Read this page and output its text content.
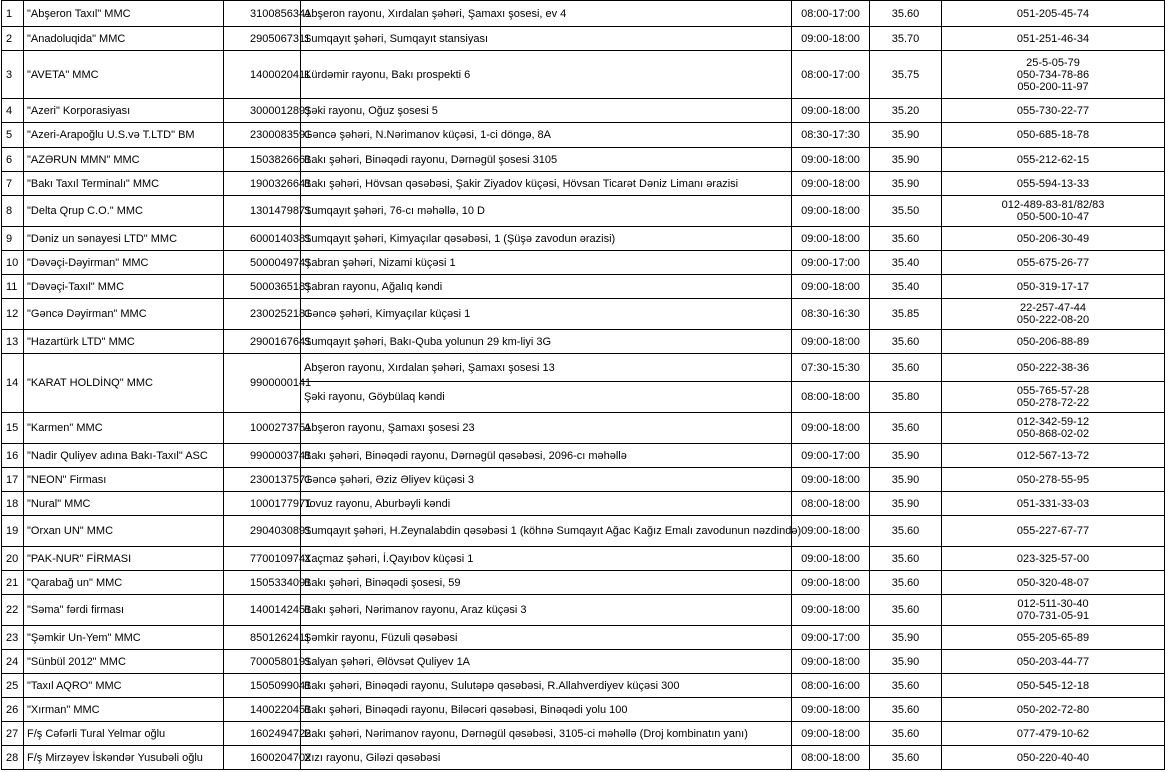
1	"Abşeron Taxıl" MMC	3100856341	Abşeron rayonu, Xırdalan şəhəri, Şamaxı şosesi, ev 4	08:00-17:00	35.60	051-205-45-74

2	"Anadoluqida" MMC	2905067311	Sumqayıt şəhəri, Sumqayıt stansiyası	09:00-18:00	35.70	051-251-46-34

3	"AVETA" MMC	1400020411	Kürdəmir rayonu, Bakı prospekti 6	08:00-17:00	35.75	25-5-05-79
050-734-78-86
050-200-11-97

4	"Azeri" Korporasiyası	3000012891	Şəki rayonu, Oğuz şosesi 5	09:00-18:00	35.20	055-730-22-77

5	"Azeri-Arapoğlu U.S.və T.LTD" BM	2300083591	Gəncə şəhəri, N.Nərimanov küçəsi, 1-ci döngə, 8A	08:30-17:30	35.90	050-685-18-78

6	"AZƏRUN MMN" MMC	1503826661	Bakı şəhəri, Binəqədi rayonu, Dərnəgül şosesi 3105	09:00-18:00	35.90	055-212-62-15

7	"Bakı Taxıl Terminalı" MMC	1900326641	Bakı şəhəri, Hövsan qəsəbəsi, Şakir Ziyadov küçəsi, Hövsan Ticarət Dəniz Limanı ərazisi	09:00-18:00	35.90	055-594-13-33

8	"Delta Qrup C.O." MMC	1301479871	Sumqayıt şəhəri, 76-cı məhəllə, 10 D	09:00-18:00	35.50	012-489-83-81/82/83
050-500-10-47

9	"Dəniz un sənayesi LTD" MMC	6000140381	Sumqayıt şəhəri, Kimyaçılar qəsəbəsi, 1 (Şüşə zavodun ərazisi)	09:00-18:00	35.60	050-206-30-49

10	"Dəvəçi-Dəyirman" MMC	5000049741	Şabran şəhəri, Nizami küçəsi 1	09:00-17:00	35.40	055-675-26-77

11	"Dəvəçi-Taxıl" MMC	5000365181	Şabran rayonu, Ağalıq kəndi	09:00-18:00	35.40	050-319-17-17

12	"Gəncə Dəyirman" MMC	2300252181	Gəncə şəhəri, Kimyaçılar küçəsi 1	08:30-16:30	35.85	22-257-47-44
050-222-08-20

13	"Hazartürk LTD" MMC	2900167641	Sumqayıt şəhəri, Bakı-Quba yolunun 29 km-liyi 3G	09:00-18:00	35.60	050-206-88-89

14	"KARAT HOLDİNQ" MMC	9900000141	Abşeron rayonu, Xırdalan şəhəri, Şamaxı şosesi 13	07:30-15:30	35.60	050-222-38-36

			Şəki rayonu, Göybülaq kəndi	08:00-18:00	35.80	055-765-57-28
050-278-72-22

15	"Karmen" MMC	1000273751	Abşeron rayonu, Şamaxı şosesi 23	09:00-18:00	35.60	012-342-59-12
050-868-02-02

16	"Nadir Quliyev adına Bakı-Taxıl" ASC	9900003741	Bakı şəhəri, Binəqədi rayonu, Dərnəgül qəsəbəsi, 2096-cı məhəllə	09:00-17:00	35.90	012-567-13-72

17	"NEON" Firması	2300137571	Gəncə şəhəri, Əziz Əliyev küçəsi 3	09:00-18:00	35.90	050-278-55-95

18	"Nural" MMC	1000177971	Tovuz rayonu, Aburbəyli kəndi	08:00-18:00	35.90	051-331-33-03

19	"Orxan UN" MMC	2904030891	Sumqayıt şəhəri, H.Zeynalabdin qəsəbəsi 1 (köhnə Sumqayıt Ağac Kağız Emalı zavodunun nəzdində)	09:00-18:00	35.60	055-227-67-77

20	"PAK-NUR" FİRMASI	7700109741	Xaçmaz şəhəri, İ.Qayıbov küçəsi 1	09:00-18:00	35.60	023-325-57-00

21	"Qarabağ un" MMC	1505334091	Bakı şəhəri, Binəqədi şosesi, 59	09:00-18:00	35.60	050-320-48-07

22	"Səma" fərdi firması	1400142451	Bakı şəhəri, Nərimanov rayonu, Araz küçəsi 3	09:00-18:00	35.60	012-511-30-40
070-731-05-91

23	"Şəmkir Un-Yem" MMC	8501262411	Şəmkir rayonu, Füzuli qəsəbəsi	09:00-17:00	35.90	055-205-65-89

24	"Sünbül 2012" MMC	7000580191	Salyan şəhəri, Əlövsət Quliyev 1A	09:00-18:00	35.90	050-203-44-77

25	"Taxıl AQRO" MMC	1505099041	Bakı şəhəri, Binəqədi rayonu, Sulutəpə qəsəbəsi, R.Allahverdiyev küçəsi 300	08:00-16:00	35.60	050-545-12-18

26	"Xırman" MMC	1400220451	Bakı şəhəri, Binəqədi rayonu, Biləcəri qəsəbəsi, Binəqədi yolu 100	09:00-18:00	35.60	050-202-72-80

27	F/ş Cəfərli Tural Yelmar oğlu	1602494722	Bakı şəhəri, Nərimanov rayonu, Dərnəgül qəsəbəsi, 3105-ci məhəllə (Droj kombinatın yanı)	09:00-18:00	35.60	077-479-10-62

28	F/ş Mirzəyev İskəndər Yusubəli oğlu	1600204702	Xızı rayonu, Giləzi qəsəbəsi	08:00-18:00	35.60	050-220-40-40
